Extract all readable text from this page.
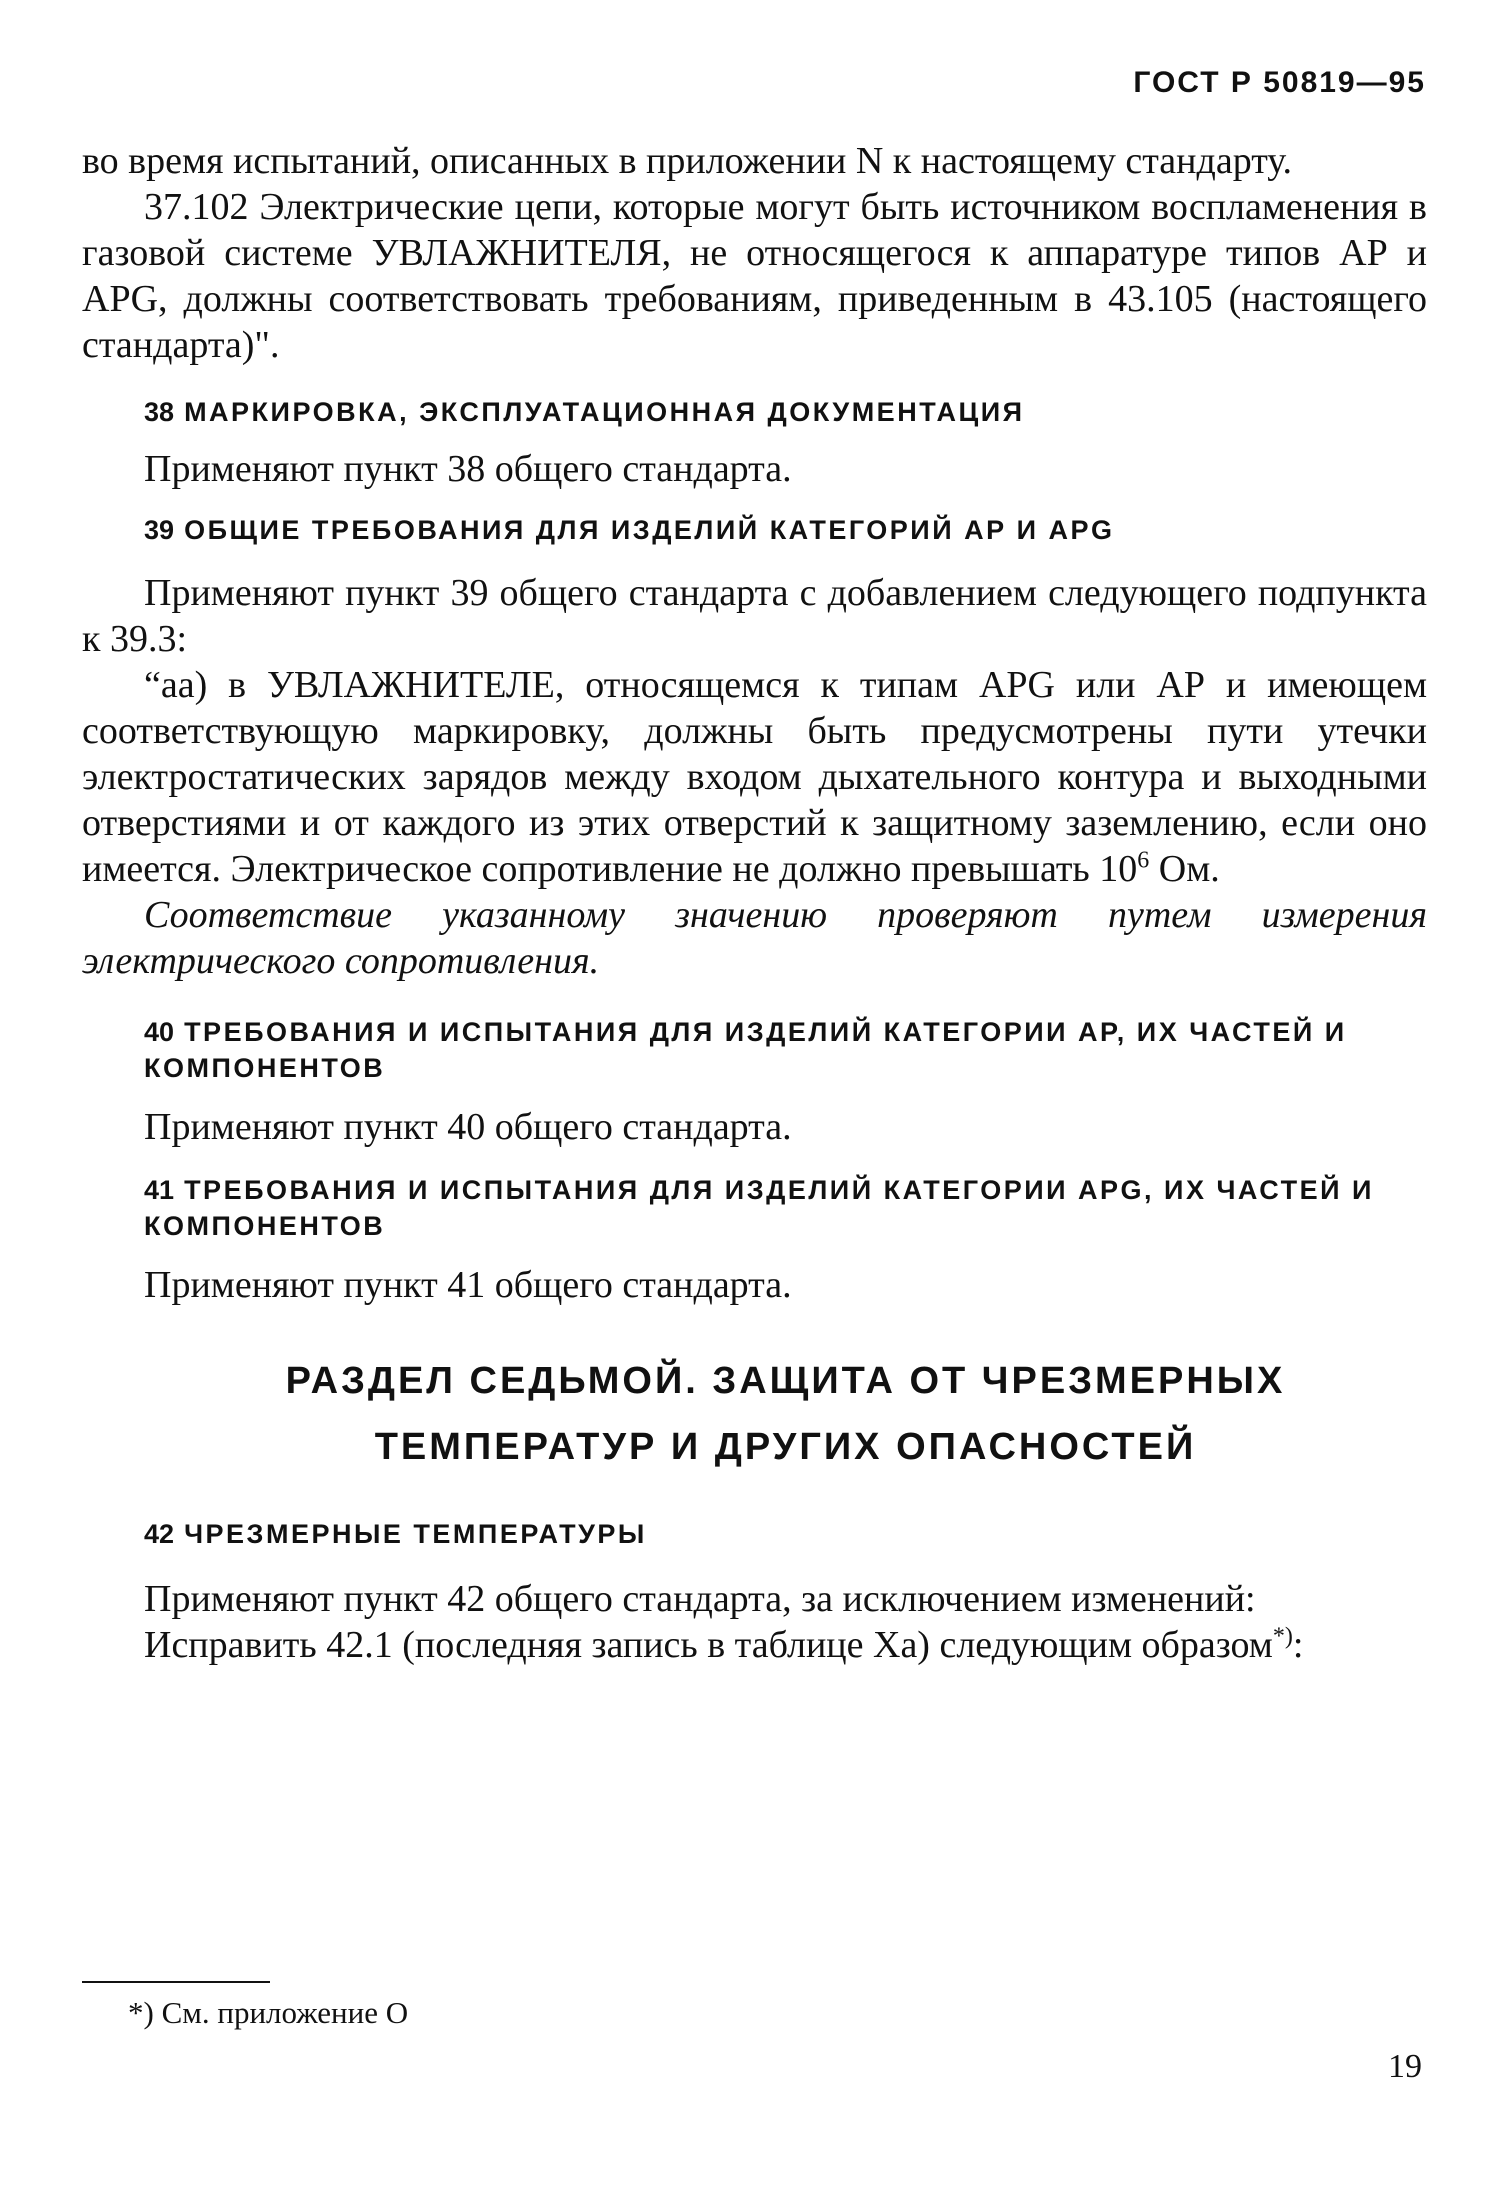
ГОСТ Р 50819—95

во время испытаний, описанных в приложении N к настоящему стандарту.

37.102 Электрические цепи, которые могут быть источником воспламенения в газовой системе УВЛАЖНИТЕЛЯ, не относящегося к аппаратуре типов АР и APG, должны соответствовать требованиям, приведенным в 43.105 (настоящего стандарта)".

38 МАРКИРОВКА, ЭКСПЛУАТАЦИОННАЯ ДОКУМЕНТАЦИЯ

Применяют пункт 38 общего стандарта.

39 ОБЩИЕ ТРЕБОВАНИЯ ДЛЯ ИЗДЕЛИЙ КАТЕГОРИЙ АР И APG

Применяют пункт 39 общего стандарта с добавлением следующего подпункта к 39.3:

“аа) в УВЛАЖНИТЕЛЕ, относящемся к типам APG или АР и имеющем соответствующую маркировку, должны быть предусмотрены пути утечки электростатических зарядов между входом дыхательного контура и выходными отверстиями и от каждого из этих отверстий к защитному заземлению, если оно имеется. Электрическое сопротивление не должно превышать $10^6$ Ом.

Соответствие указанному значению проверяют путем измерения электрического сопротивления.

40 ТРЕБОВАНИЯ И ИСПЫТАНИЯ ДЛЯ ИЗДЕЛИЙ КАТЕГОРИИ АР, ИХ ЧАСТЕЙ И КОМПОНЕНТОВ

Применяют пункт 40 общего стандарта.

41 ТРЕБОВАНИЯ И ИСПЫТАНИЯ ДЛЯ ИЗДЕЛИЙ КАТЕГОРИИ APG, ИХ ЧАСТЕЙ И КОМПОНЕНТОВ

Применяют пункт 41 общего стандарта.

РАЗДЕЛ СЕДЬМОЙ. ЗАЩИТА ОТ ЧРЕЗМЕРНЫХ
ТЕМПЕРАТУР И ДРУГИХ ОПАСНОСТЕЙ
42 ЧРЕЗМЕРНЫЕ ТЕМПЕРАТУРЫ

Применяют пункт 42 общего стандарта, за исключением изменений:

Исправить 42.1 (последняя запись в таблице Xa) следующим образом*):

*) См. приложение О
19
